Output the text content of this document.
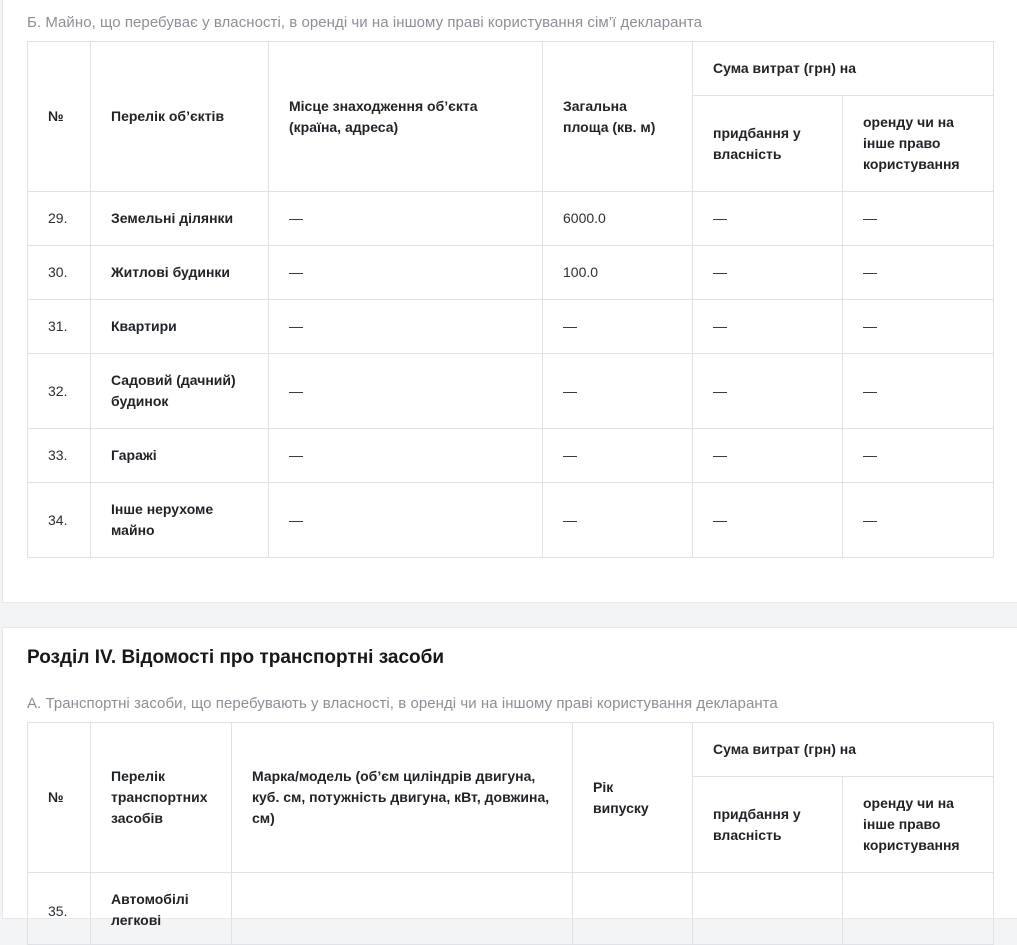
Б. Майно, що перебуває у власності, в оренді чи на іншому праві користування сім’ї декларанта
№	Перелік об’єктів	Місце знаходження об’єкта (країна, адреса)	Загальна площа (кв. м)	Сума витрат (грн) на	
				придбання у власність	оренду чи на інше право користування
29.	Земельні ділянки	—	6000.0	—	—
30.	Житлові будинки	—	100.0	—	—
31.	Квартири	—	—	—	—
32.	Садовий (дачний) будинок	—	—	—	—
33.	Гаражі	—	—	—	—
34.	Інше нерухоме майно	—	—	—	—
Розділ IV. Відомості про транспортні засоби
А. Транспортні засоби, що перебувають у власності, в оренді чи на іншому праві користування декларанта
№	Перелік транспортних засобів	Марка/модель (об’єм циліндрів двигуна, куб. см, потужність двигуна, кВт, довжина, см)	Рік випуску	Сума витрат (грн) на	
				придбання у власність	оренду чи на інше право користування
35.	Автомобілі легкові				
